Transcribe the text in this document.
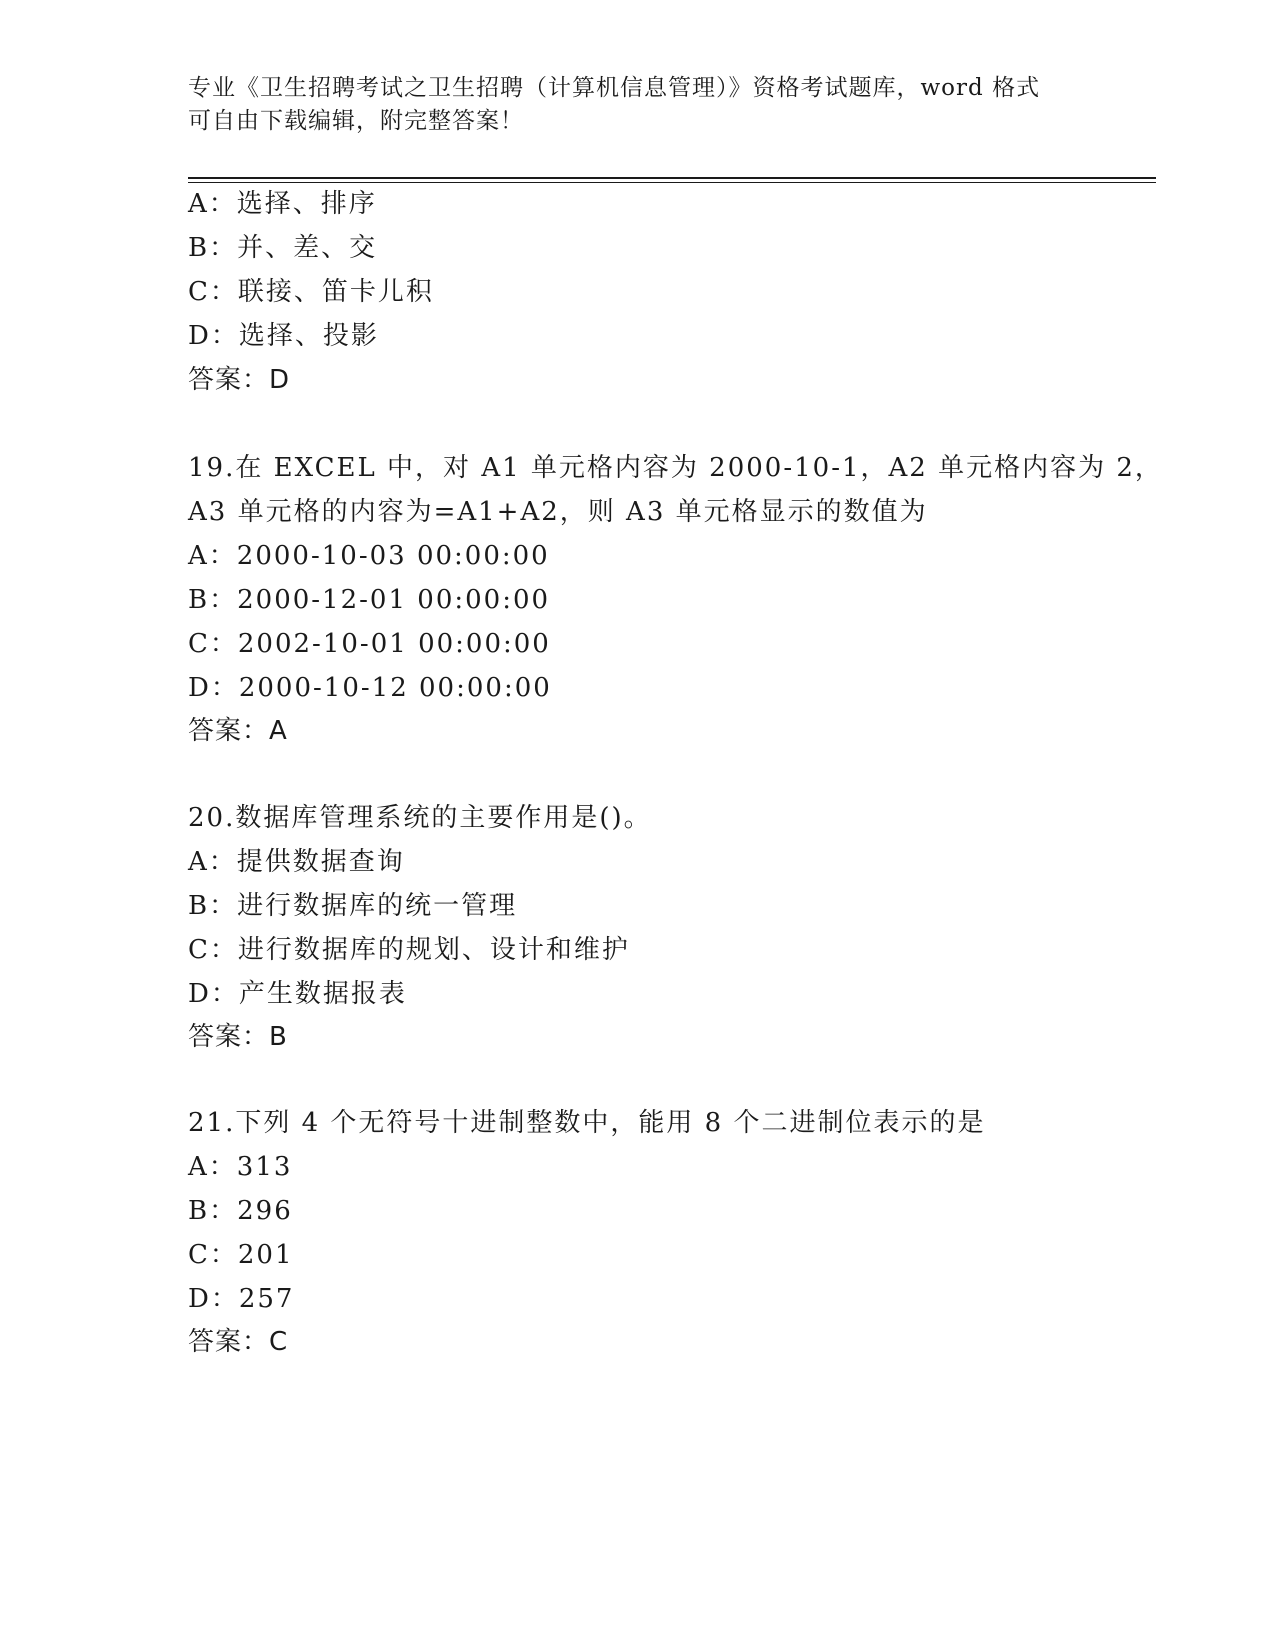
专业《卫生招聘考试之卫生招聘（计算机信息管理）》资格考试题库，word 格式
可自由下载编辑，附完整答案！
A：选择、排序
B：并、差、交
C：联接、笛卡儿积
D：选择、投影
答案：D
19.在 EXCEL 中，对 A1 单元格内容为 2000-10-1，A2 单元格内容为 2，
A3 单元格的内容为=A1+A2，则 A3 单元格显示的数值为
A：2000-10-03 00:00:00
B：2000-12-01 00:00:00
C：2002-10-01 00:00:00
D：2000-10-12 00:00:00
答案：A
20.数据库管理系统的主要作用是()。
A：提供数据查询
B：进行数据库的统一管理
C：进行数据库的规划、设计和维护
D：产生数据报表
答案：B
21.下列 4 个无符号十进制整数中，能用 8 个二进制位表示的是
A：313
B：296
C：201
D：257
答案：C
